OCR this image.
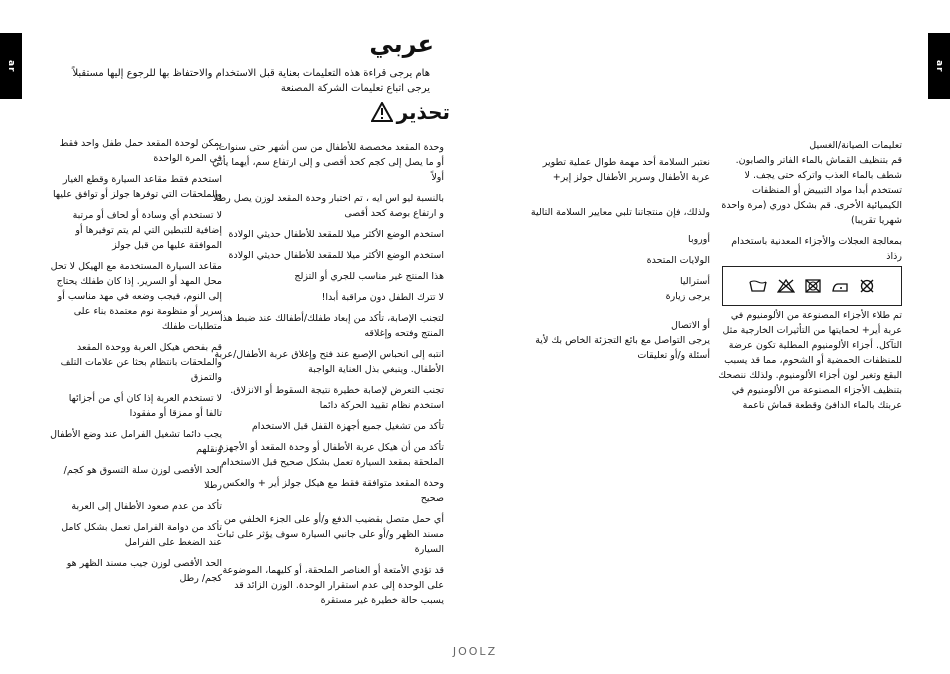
ar	ar
عربي
هام يرجى قراءة هذه التعليمات بعناية قبل الاستخدام والاحتفاظ بها للرجوع إليها مستقبلاً
يرجى اتباع تعليمات الشركة المصنعة
تحذير

يمكن لوحدة المقعد حمل طفل واحد فقط في المرة الواحدة

استخدم فقط مقاعد السيارة وقطع الغيار والملحقات التي توفرها جولز أو توافق عليها

لا تستخدم أي وسادة أو لحاف أو مرتبة إضافية للتبطين التي لم يتم توفيرها أو الموافقة عليها من قبل جولز

مقاعد السيارة المستخدمة مع الهيكل لا تحل محل المهد أو السرير. إذا كان طفلك يحتاج إلى النوم، فيجب وضعه في مهد مناسب أو سرير أو منظومة نوم معتمدة بناء على متطلبات طفلك

قم بفحص هيكل العربة ووحدة المقعد والملحقات بانتظام بحثا عن علامات التلف والتمزق

لا تستخدم العربة إذا كان أي من أجزائها تالفا أو ممزقا أو مفقودا

يجب دائما تشغيل الفرامل عند وضع الأطفال ونقلهم

الحد الأقصى لوزن سلة التسوق هو كجم/ رطلا

تأكد من عدم صعود الأطفال إلى العربة

تأكد من دوامة الفرامل تعمل بشكل كامل عند الضغط على الفرامل

الحد الأقصى لوزن جيب مسند الظهر هو كجم/ رطل

وحدة المقعد مخصصة للأطفال من سن أشهر حتى سنوات، أو ما يصل إلى كجم كحد أقصى و إلى ارتفاع سم، أيهما يأتي أولاً

بالنسبة ليو اس ايه ، تم اختبار وحدة المقعد لوزن يصل رطلا و ارتفاع بوصة كحد أقصى

استخدم الوضع الأكثر ميلا للمقعد للأطفال حديثي الولادة

استخدم الوضع الأكثر ميلا للمقعد للأطفال حديثي الولادة

هذا المنتج غير مناسب للجري أو التزلج

لا تترك الطفل دون مراقبة أبدا!

لتجنب الإصابة، تأكد من إبعاد طفلك/أطفالك عند ضبط هذا المنتج وفتحه وإغلاقه

انتبه إلى انحباس الإصبع عند فتح وإغلاق عربة الأطفال/عربة الأطفال. وينبغي بذل العناية الواجبة

تجنب التعرض لإصابة خطيرة نتيجة السقوط أو الانزلاق. استخدم نظام تقييد الحركة دائما

تأكد من تشغيل جميع أجهزة القفل قبل الاستخدام

تأكد من أن هيكل عربة الأطفال أو وحدة المقعد أو الأجهزة الملحقة بمقعد السيارة تعمل بشكل صحيح قبل الاستخدام

وحدة المقعد متوافقة فقط مع هيكل جولز أير + والعكس صحيح

أي حمل متصل بقضيب الدفع و/أو على الجزء الخلفي من مسند الظهر و/أو على جانبي السيارة سوف يؤثر على ثبات السيارة

قد تؤدي الأمتعة أو العناصر الملحقة، أو كليهما، الموضوعة على الوحدة إلى عدم استقرار الوحدة. الوزن الزائد قد يسبب حالة خطيرة غير مستقرة

نعتبر السلامة أحد مهمة طوال عملية تطوير عربة الأطفال وسرير الأطفال جولز إير+

ولذلك، فإن منتجاتنا تلبي معايير السلامة التالية

أوروبا

الولايات المتحدة

أستراليا

يرجى زيارة

أو الاتصال

يرجى التواصل مع بائع التجزئة الخاص بك لأية أسئلة و/أو تعليقات

تعليمات الصيانة/الغسيل

قم بتنظيف القماش بالماء الفاتر والصابون. شطف بالماء العذب واتركه حتى يجف. لا تستخدم أبدا مواد التبييض أو المنظفات الكيميائية الأخرى. قم بشكل دوري (مرة واحدة شهريا تقريبا)

بمعالجة العجلات والأجزاء المعدنية باستخدام رذاذ

تم طلاء الأجزاء المصنوعة من الألومنيوم في عربة أير+ لحمايتها من التأثيرات الخارجية مثل التآكل. أجزاء الألومنيوم المطلية تكون عرضة للمنظفات الحمضية أو الشحوم، مما قد يسبب البقع وتغير لون أجزاء الألومنيوم. ولذلك ننصحك بتنظيف الأجزاء المصنوعة من الألومنيوم في عربتك بالماء الدافئ وقطعة قماش ناعمة
JOOLZ
